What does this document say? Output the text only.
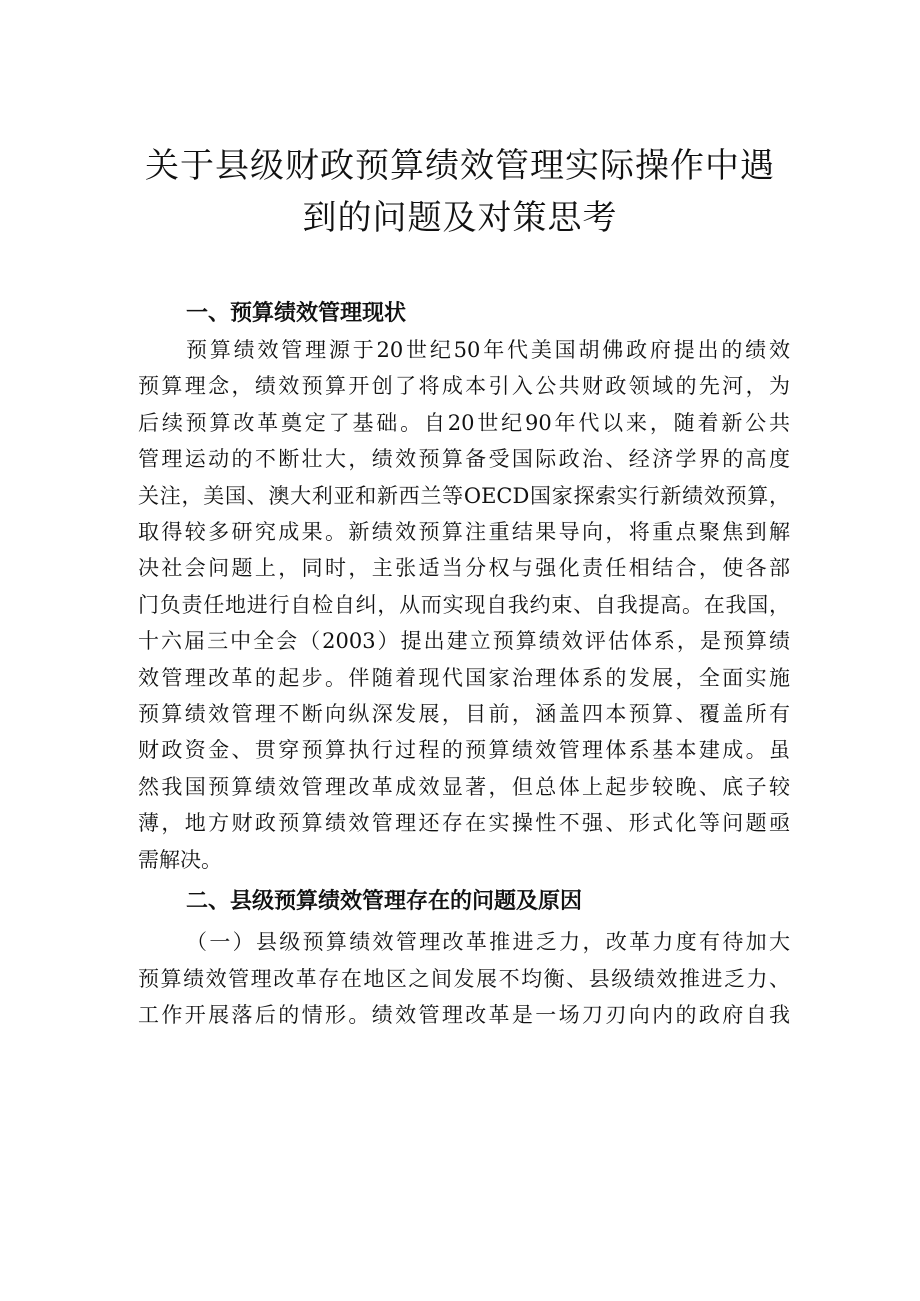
关于县级财政预算绩效管理实际操作中遇
到的问题及对策思考
一、预算绩效管理现状

预算绩效管理源于20世纪50年代美国胡佛政府提出的绩效
预算理念，绩效预算开创了将成本引入公共财政领域的先河，为
后续预算改革奠定了基础。自20世纪90年代以来，随着新公共
管理运动的不断壮大，绩效预算备受国际政治、经济学界的高度
关注，美国、澳大利亚和新西兰等OECD国家探索实行新绩效预算，
取得较多研究成果。新绩效预算注重结果导向，将重点聚焦到解
决社会问题上，同时，主张适当分权与强化责任相结合，使各部
门负责任地进行自检自纠，从而实现自我约束、自我提高。在我国，
十六届三中全会（2003）提出建立预算绩效评估体系，是预算绩
效管理改革的起步。伴随着现代国家治理体系的发展，全面实施
预算绩效管理不断向纵深发展，目前，涵盖四本预算、覆盖所有
财政资金、贯穿预算执行过程的预算绩效管理体系基本建成。虽
然我国预算绩效管理改革成效显著，但总体上起步较晚、底子较
薄，地方财政预算绩效管理还存在实操性不强、形式化等问题亟
需解决。

二、县级预算绩效管理存在的问题及原因

（一）县级预算绩效管理改革推进乏力，改革力度有待加大
预算绩效管理改革存在地区之间发展不均衡、县级绩效推进乏力、
工作开展落后的情形。绩效管理改革是一场刀刃向内的政府自我
